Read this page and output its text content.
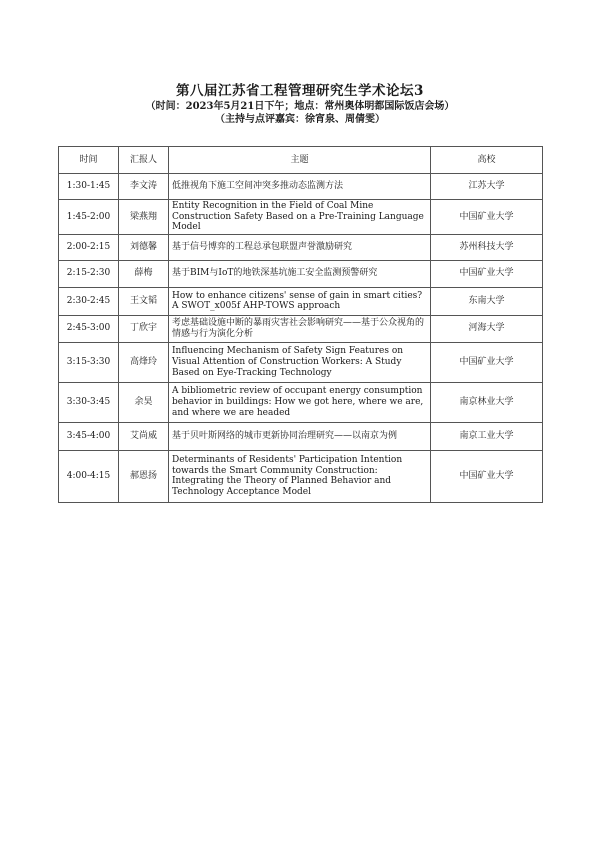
第八届江苏省工程管理研究生学术论坛3
（时间：2023年5月21日下午；地点：常州奥体明都国际饭店会场）
（主持与点评嘉宾：徐宵泉、周倩雯）
时间	汇报人	主题	高校
1:30-1:45	李文涛	低推视角下施工空间冲突多推动态监测方法	江苏大学
1:45-2:00	梁燕翔	Entity Recognition in the Field of Coal Mine Construction Safety Based on a Pre-Training Language Model	中国矿业大学
2:00-2:15	刘德馨	基于信号博弈的工程总承包联盟声誉激励研究	苏州科技大学
2:15-2:30	薛梅	基于BIM与IoT的地铁深基坑施工安全监测预警研究	中国矿业大学
2:30-2:45	王文韬	How to enhance citizens' sense of gain in smart cities? A SWOT_x005f AHP-TOWS approach	东南大学
2:45-3:00	丁欣宇	考虑基础设施中断的暴雨灾害社会影响研究——基于公众视角的情感与行为演化分析	河海大学
3:15-3:30	高烽玲	Influencing Mechanism of Safety Sign Features on Visual Attention of Construction Workers: A Study Based on Eye-Tracking Technology	中国矿业大学
3:30-3:45	余昊	A bibliometric review of occupant energy consumption behavior in buildings: How we got here, where we are, and where we are headed	南京林业大学
3:45-4:00	艾尚威	基于贝叶斯网络的城市更新协同治理研究——以南京为例	南京工业大学
4:00-4:15	郝恩扬	Determinants of Residents' Participation Intention towards the Smart Community Construction: Integrating the Theory of Planned Behavior and Technology Acceptance Model	中国矿业大学
